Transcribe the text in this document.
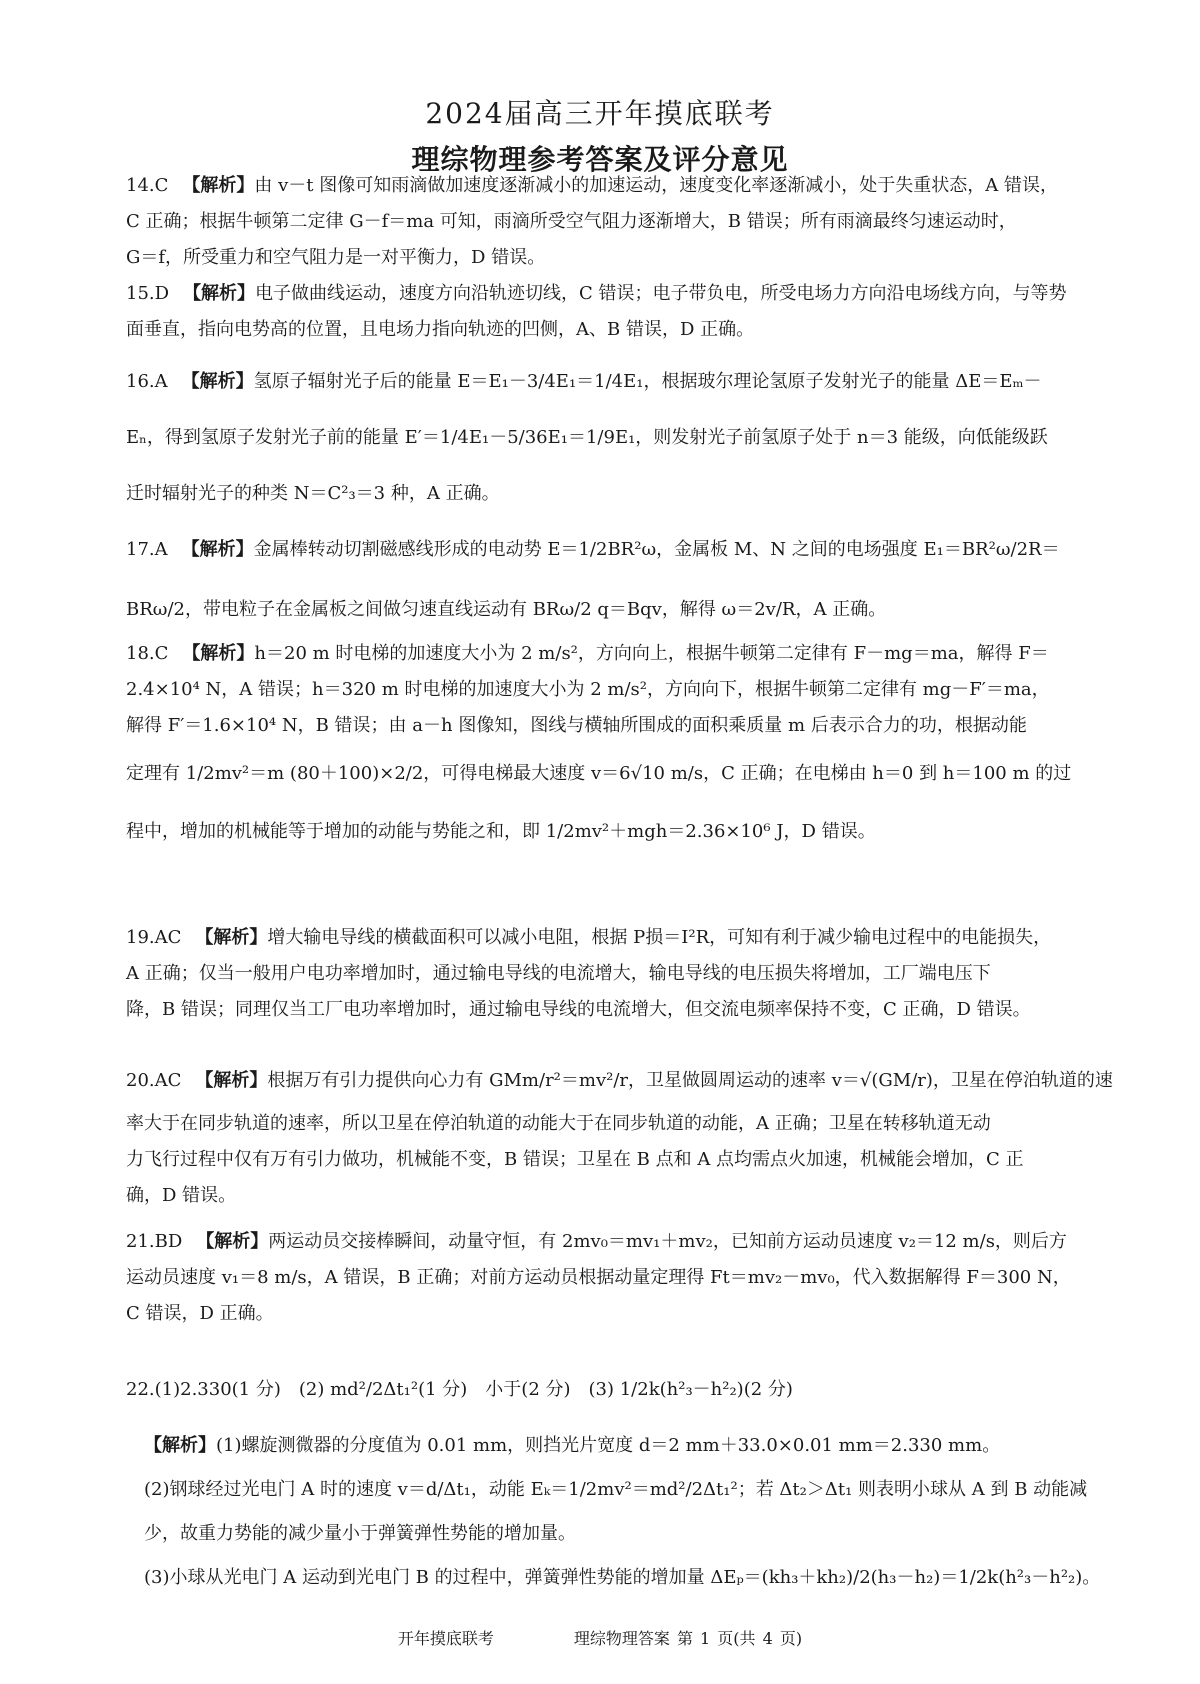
2024届高三开年摸底联考
理综物理参考答案及评分意见
14.C 【解析】由 v－t 图像可知雨滴做加速度逐渐减小的加速运动，速度变化率逐渐减小，处于失重状态，A 错误，
C 正确；根据牛顿第二定律 G－f＝ma 可知，雨滴所受空气阻力逐渐增大，B 错误；所有雨滴最终匀速运动时，
G＝f，所受重力和空气阻力是一对平衡力，D 错误。
15.D 【解析】电子做曲线运动，速度方向沿轨迹切线，C 错误；电子带负电，所受电场力方向沿电场线方向，与等势
面垂直，指向电势高的位置，且电场力指向轨迹的凹侧，A、B 错误，D 正确。
16.A 【解析】氢原子辐射光子后的能量 E＝E₁－3/4E₁＝1/4E₁，根据玻尔理论氢原子发射光子的能量 ΔE＝Eₘ－
Eₙ，得到氢原子发射光子前的能量 E′＝1/4E₁－5/36E₁＝1/9E₁，则发射光子前氢原子处于 n＝3 能级，向低能级跃
迁时辐射光子的种类 N＝C²₃＝3 种，A 正确。
17.A 【解析】金属棒转动切割磁感线形成的电动势 E＝1/2BR²ω，金属板 M、N 之间的电场强度 E₁＝BR²ω/2R＝
BRω/2，带电粒子在金属板之间做匀速直线运动有 BRω/2 q＝Bqv，解得 ω＝2v/R，A 正确。
18.C 【解析】h＝20 m 时电梯的加速度大小为 2 m/s²，方向向上，根据牛顿第二定律有 F－mg＝ma，解得 F＝
2.4×10⁴ N，A 错误；h＝320 m 时电梯的加速度大小为 2 m/s²，方向向下，根据牛顿第二定律有 mg－F′＝ma，
解得 F′＝1.6×10⁴ N，B 错误；由 a－h 图像知，图线与横轴所围成的面积乘质量 m 后表示合力的功，根据动能
定理有 1/2mv²＝m (80＋100)×2/2，可得电梯最大速度 v＝6√10 m/s，C 正确；在电梯由 h＝0 到 h＝100 m 的过
程中，增加的机械能等于增加的动能与势能之和，即 1/2mv²＋mgh＝2.36×10⁶ J，D 错误。
19.AC 【解析】增大输电导线的横截面积可以减小电阻，根据 P损＝I²R，可知有利于减少输电过程中的电能损失，
A 正确；仅当一般用户电功率增加时，通过输电导线的电流增大，输电导线的电压损失将增加，工厂端电压下
降，B 错误；同理仅当工厂电功率增加时，通过输电导线的电流增大，但交流电频率保持不变，C 正确，D 错误。
20.AC 【解析】根据万有引力提供向心力有 GMm/r²＝mv²/r，卫星做圆周运动的速率 v＝√(GM/r)，卫星在停泊轨道的速
率大于在同步轨道的速率，所以卫星在停泊轨道的动能大于在同步轨道的动能，A 正确；卫星在转移轨道无动
力飞行过程中仅有万有引力做功，机械能不变，B 错误；卫星在 B 点和 A 点均需点火加速，机械能会增加，C 正
确，D 错误。
21.BD 【解析】两运动员交接棒瞬间，动量守恒，有 2mv₀＝mv₁＋mv₂，已知前方运动员速度 v₂＝12 m/s，则后方
运动员速度 v₁＝8 m/s，A 错误，B 正确；对前方运动员根据动量定理得 Ft＝mv₂－mv₀，代入数据解得 F＝300 N，
C 错误，D 正确。
22.(1)2.330(1 分)　(2) md²/2Δt₁²(1 分)　小于(2 分)　(3) 1/2k(h²₃－h²₂)(2 分)
【解析】(1)螺旋测微器的分度值为 0.01 mm，则挡光片宽度 d＝2 mm＋33.0×0.01 mm＝2.330 mm。
(2)钢球经过光电门 A 时的速度 v＝d/Δt₁，动能 Eₖ＝1/2mv²＝md²/2Δt₁²；若 Δt₂＞Δt₁ 则表明小球从 A 到 B 动能减
少，故重力势能的减少量小于弹簧弹性势能的增加量。
(3)小球从光电门 A 运动到光电门 B 的过程中，弹簧弹性势能的增加量 ΔEₚ＝(kh₃＋kh₂)/2(h₃－h₂)＝1/2k(h²₃－h²₂)。
开年摸底联考	理综物理答案 第 1 页(共 4 页)
